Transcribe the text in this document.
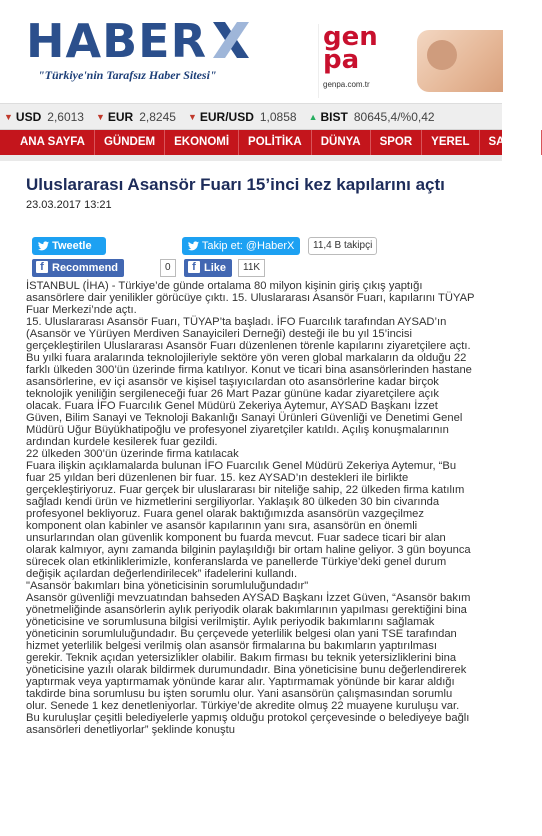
HABER
"Türkiye'nin Tarafsız Haber Sitesi"
gen
pa
genpa.com.tr
▼ USD 2,6013 ▼ EUR 2,8245 ▼ EUR/USD 1,0858 ▲ BIST 80645,4/%0,42
ANA SAYFA	GÜNDEM	EKONOMİ	POLİTİKA	DÜNYA	SPOR	YEREL	SAĞLIK
Uluslararası Asansör Fuarı 15’inci kez kapılarını açtı
23.03.2017 13:21
Tweetle	Takip et: @HaberX	11,4 B takipçi
f Recommend	0	f Like	11K

İSTANBUL (İHA) - Türkiye’de günde ortalama 80 milyon kişinin giriş çıkış yaptığı asansörlere dair yenilikler görücüye çıktı. 15. Uluslararası Asansör Fuarı, kapılarını TÜYAP Fuar Merkezi’nde açtı.

15. Uluslararası Asansör Fuarı, TÜYAP’ta başladı. İFO Fuarcılık tarafından AYSAD’ın (Asansör ve Yürüyen Merdiven Sanayicileri Derneği) desteği ile bu yıl 15’incisi gerçekleştirilen Uluslararası Asansör Fuarı düzenlenen törenle kapılarını ziyaretçilere açtı. Bu yılki fuara aralarında teknolojileriyle sektöre yön veren global markaların da olduğu 22 farklı ülkeden 300’ün üzerinde firma katılıyor. Konut ve ticari bina asansörlerinden hastane asansörlerine, ev içi asansör ve kişisel taşıyıcılardan oto asansörlerine kadar birçok teknolojik yeniliğin sergileneceği fuar 26 Mart Pazar gününe kadar ziyaretçilere açık olacak. Fuara İFO Fuarcılık Genel Müdürü Zekeriya Aytemur, AYSAD Başkanı İzzet Güven, Bilim Sanayi ve Teknoloji Bakanlığı Sanayi Ürünleri Güvenliği ve Denetimi Genel Müdürü Uğur Büyükhatipoğlu ve profesyonel ziyaretçiler katıldı. Açılış konuşmalarının ardından kurdele kesilerek fuar gezildi.

22 ülkeden 300’ün üzerinde firma katılacak

Fuara ilişkin açıklamalarda bulunan İFO Fuarcılık Genel Müdürü Zekeriya Aytemur, “Bu fuar 25 yıldan beri düzenlenen bir fuar. 15. kez AYSAD’ın destekleri ile birlikte gerçekleştiriyoruz. Fuar gerçek bir uluslararası bir niteliğe sahip, 22 ülkeden firma katılım sağladı kendi ürün ve hizmetlerini sergiliyorlar. Yaklaşık 80 ülkeden 30 bin civarında profesyonel bekliyoruz. Fuara genel olarak baktığımızda asansörün vazgeçilmez komponent olan kabinler ve asansör kapılarının yanı sıra, asansörün en önemli unsurlarından olan güvenlik komponent bu fuarda mevcut. Fuar sadece ticari bir alan olarak kalmıyor, aynı zamanda bilginin paylaşıldığı bir ortam haline geliyor. 3 gün boyunca sürecek olan etkinliklerimizle, konferanslarda ve panellerde Türkiye’deki genel durum değişik açılardan değerlendirilecek” ifadelerini kullandı.

"Asansör bakımları bina yöneticisinin sorumluluğundadır"

Asansör güvenliği mevzuatından bahseden AYSAD Başkanı İzzet Güven, “Asansör bakım yönetmeliğinde asansörlerin aylık periyodik olarak bakımlarının yapılması gerektiğini bina yöneticisine ve sorumlusuna bilgisi verilmiştir. Aylık periyodik bakımlarını sağlamak yöneticinin sorumluluğundadır. Bu çerçevede yeterlilik belgesi olan yani TSE tarafından hizmet yeterlilik belgesi verilmiş olan asansör firmalarına bu bakımların yaptırılması gerekir. Teknik açıdan yetersizlikler olabilir. Bakım firması bu teknik yetersizliklerini bina yöneticisine yazılı olarak bildirmek durumundadır. Bina yöneticisine bunu değerlendirerek yaptırmak veya yaptırmamak yönünde karar alır. Yaptırmamak yönünde bir karar aldığı takdirde bina sorumlusu bu işten sorumlu olur. Yani asansörün çalışmasından sorumlu olur. Senede 1 kez denetleniyorlar. Türkiye’de akredite olmuş 22 muayene kuruluşu var. Bu kuruluşlar çeşitli belediyelerle yapmış olduğu protokol çerçevesinde o belediyeye bağlı asansörleri denetliyorlar” şeklinde konuştu
